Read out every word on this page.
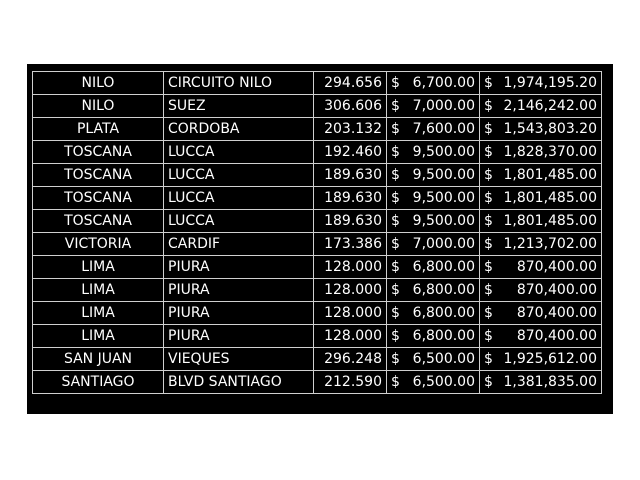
NILO	CIRCUITO NILO	294.656	$ 6,700.00	$ 1,974,195.20

NILO	SUEZ	306.606	$ 7,000.00	$ 2,146,242.00

PLATA	CORDOBA	203.132	$ 7,600.00	$ 1,543,803.20

TOSCANA	LUCCA	192.460	$ 9,500.00	$ 1,828,370.00

TOSCANA	LUCCA	189.630	$ 9,500.00	$ 1,801,485.00

TOSCANA	LUCCA	189.630	$ 9,500.00	$ 1,801,485.00

TOSCANA	LUCCA	189.630	$ 9,500.00	$ 1,801,485.00

VICTORIA	CARDIF	173.386	$ 7,000.00	$ 1,213,702.00

LIMA	PIURA	128.000	$ 6,800.00	$ 870,400.00

LIMA	PIURA	128.000	$ 6,800.00	$ 870,400.00

LIMA	PIURA	128.000	$ 6,800.00	$ 870,400.00

LIMA	PIURA	128.000	$ 6,800.00	$ 870,400.00

SAN JUAN	VIEQUES	296.248	$ 6,500.00	$ 1,925,612.00

SANTIAGO	BLVD SANTIAGO	212.590	$ 6,500.00	$ 1,381,835.00
